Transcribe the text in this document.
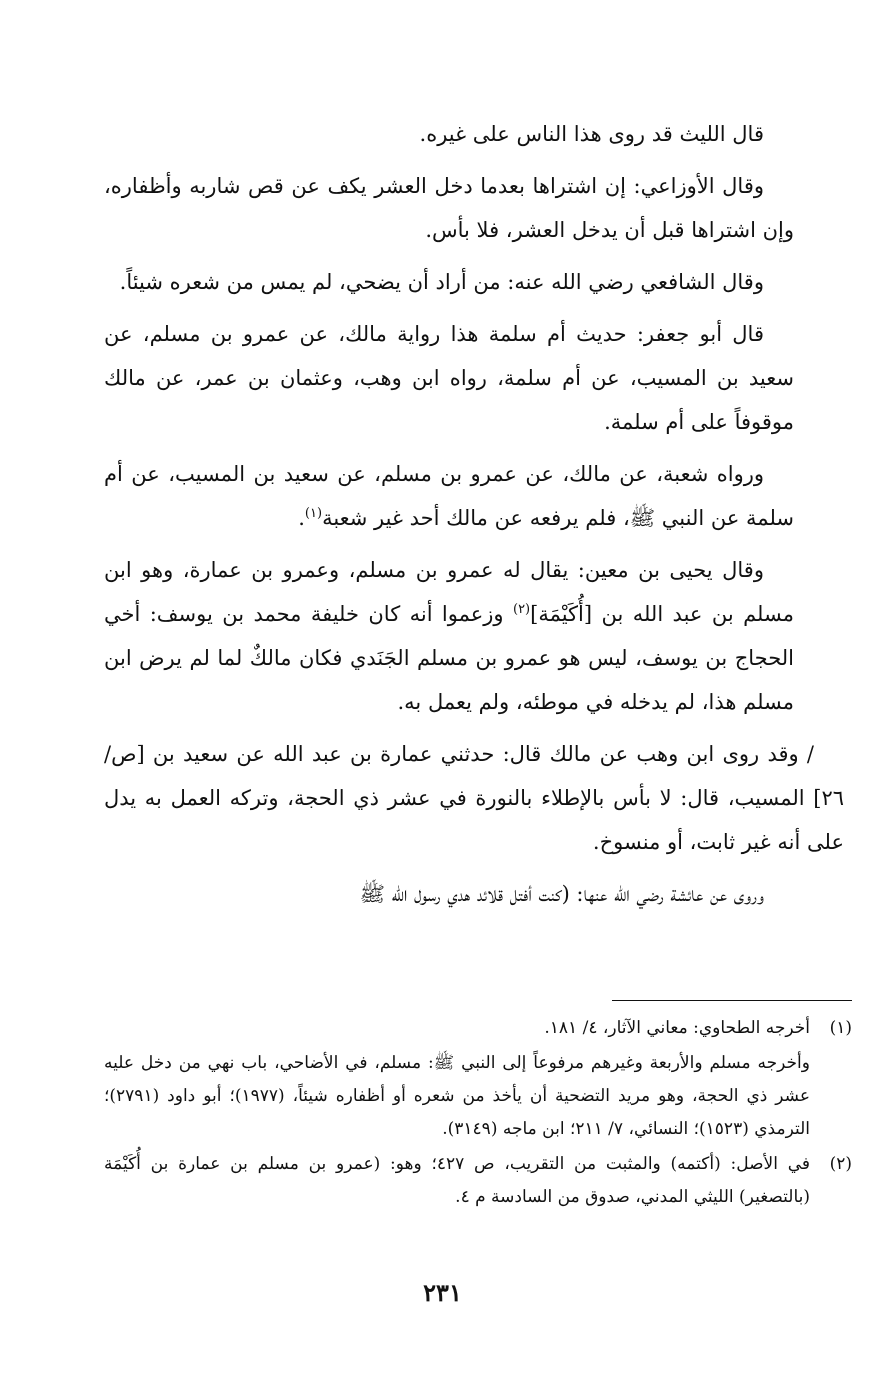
قال الليث قد روى هذا الناس على غيره.

وقال الأوزاعي: إن اشتراها بعدما دخل العشر يكف عن قص شاربه وأظفاره، وإن اشتراها قبل أن يدخل العشر، فلا بأس.

وقال الشافعي رضي الله عنه: من أراد أن يضحي، لم يمس من شعره شيئاً.

قال أبو جعفر: حديث أم سلمة هذا رواية مالك، عن عمرو بن مسلم، عن سعيد بن المسيب، عن أم سلمة، رواه ابن وهب، وعثمان بن عمر، عن مالك موقوفاً على أم سلمة.

ورواه شعبة، عن مالك، عن عمرو بن مسلم، عن سعيد بن المسيب، عن أم سلمة عن النبي ﷺ، فلم يرفعه عن مالك أحد غير شعبة$^{(١)}$.

وقال يحيى بن معين: يقال له عمرو بن مسلم، وعمرو بن عمارة، وهو ابن مسلم بن عبد الله بن [أُكَيْمَة]$^{(٢)}$ وزعموا أنه كان خليفة محمد بن يوسف: أخي الحجاج بن يوسف، ليس هو عمرو بن مسلم الجَنَدي فكان مالكٌ لما لم يرض ابن مسلم هذا، لم يدخله في موطئه، ولم يعمل به.

/ وقد روى ابن وهب عن مالك قال: حدثني عمارة بن عبد الله عن سعيد بن [ص/٢٦] المسيب، قال: لا بأس بالإطلاء بالنورة في عشر ذي الحجة، وتركه العمل به يدل على أنه غير ثابت، أو منسوخ.

وروى عن عائشة رضي الله عنها: (كنت أفتل قلائد هدي رسول الله ﷺ

(١)
أخرجه الطحاوي: معاني الآثار، ٤/ ١٨١.
وأخرجه مسلم والأربعة وغيرهم مرفوعاً إلى النبي ﷺ: مسلم، في الأضاحي، باب نهي من دخل عليه عشر ذي الحجة، وهو مريد التضحية أن يأخذ من شعره أو أظفاره شيئاً، (١٩٧٧)؛ أبو داود (٢٧٩١)؛ الترمذي (١٥٢٣)؛ النسائي، ٧/ ٢١١؛ ابن ماجه (٣١٤٩).
(٢)
في الأصل: (أكتمه) والمثبت من التقريب، ص ٤٢٧؛ وهو: (عمرو بن مسلم بن عمارة بن أُكَيْمَة (بالتصغير) الليثي المدني، صدوق من السادسة م ٤.
٢٣١
